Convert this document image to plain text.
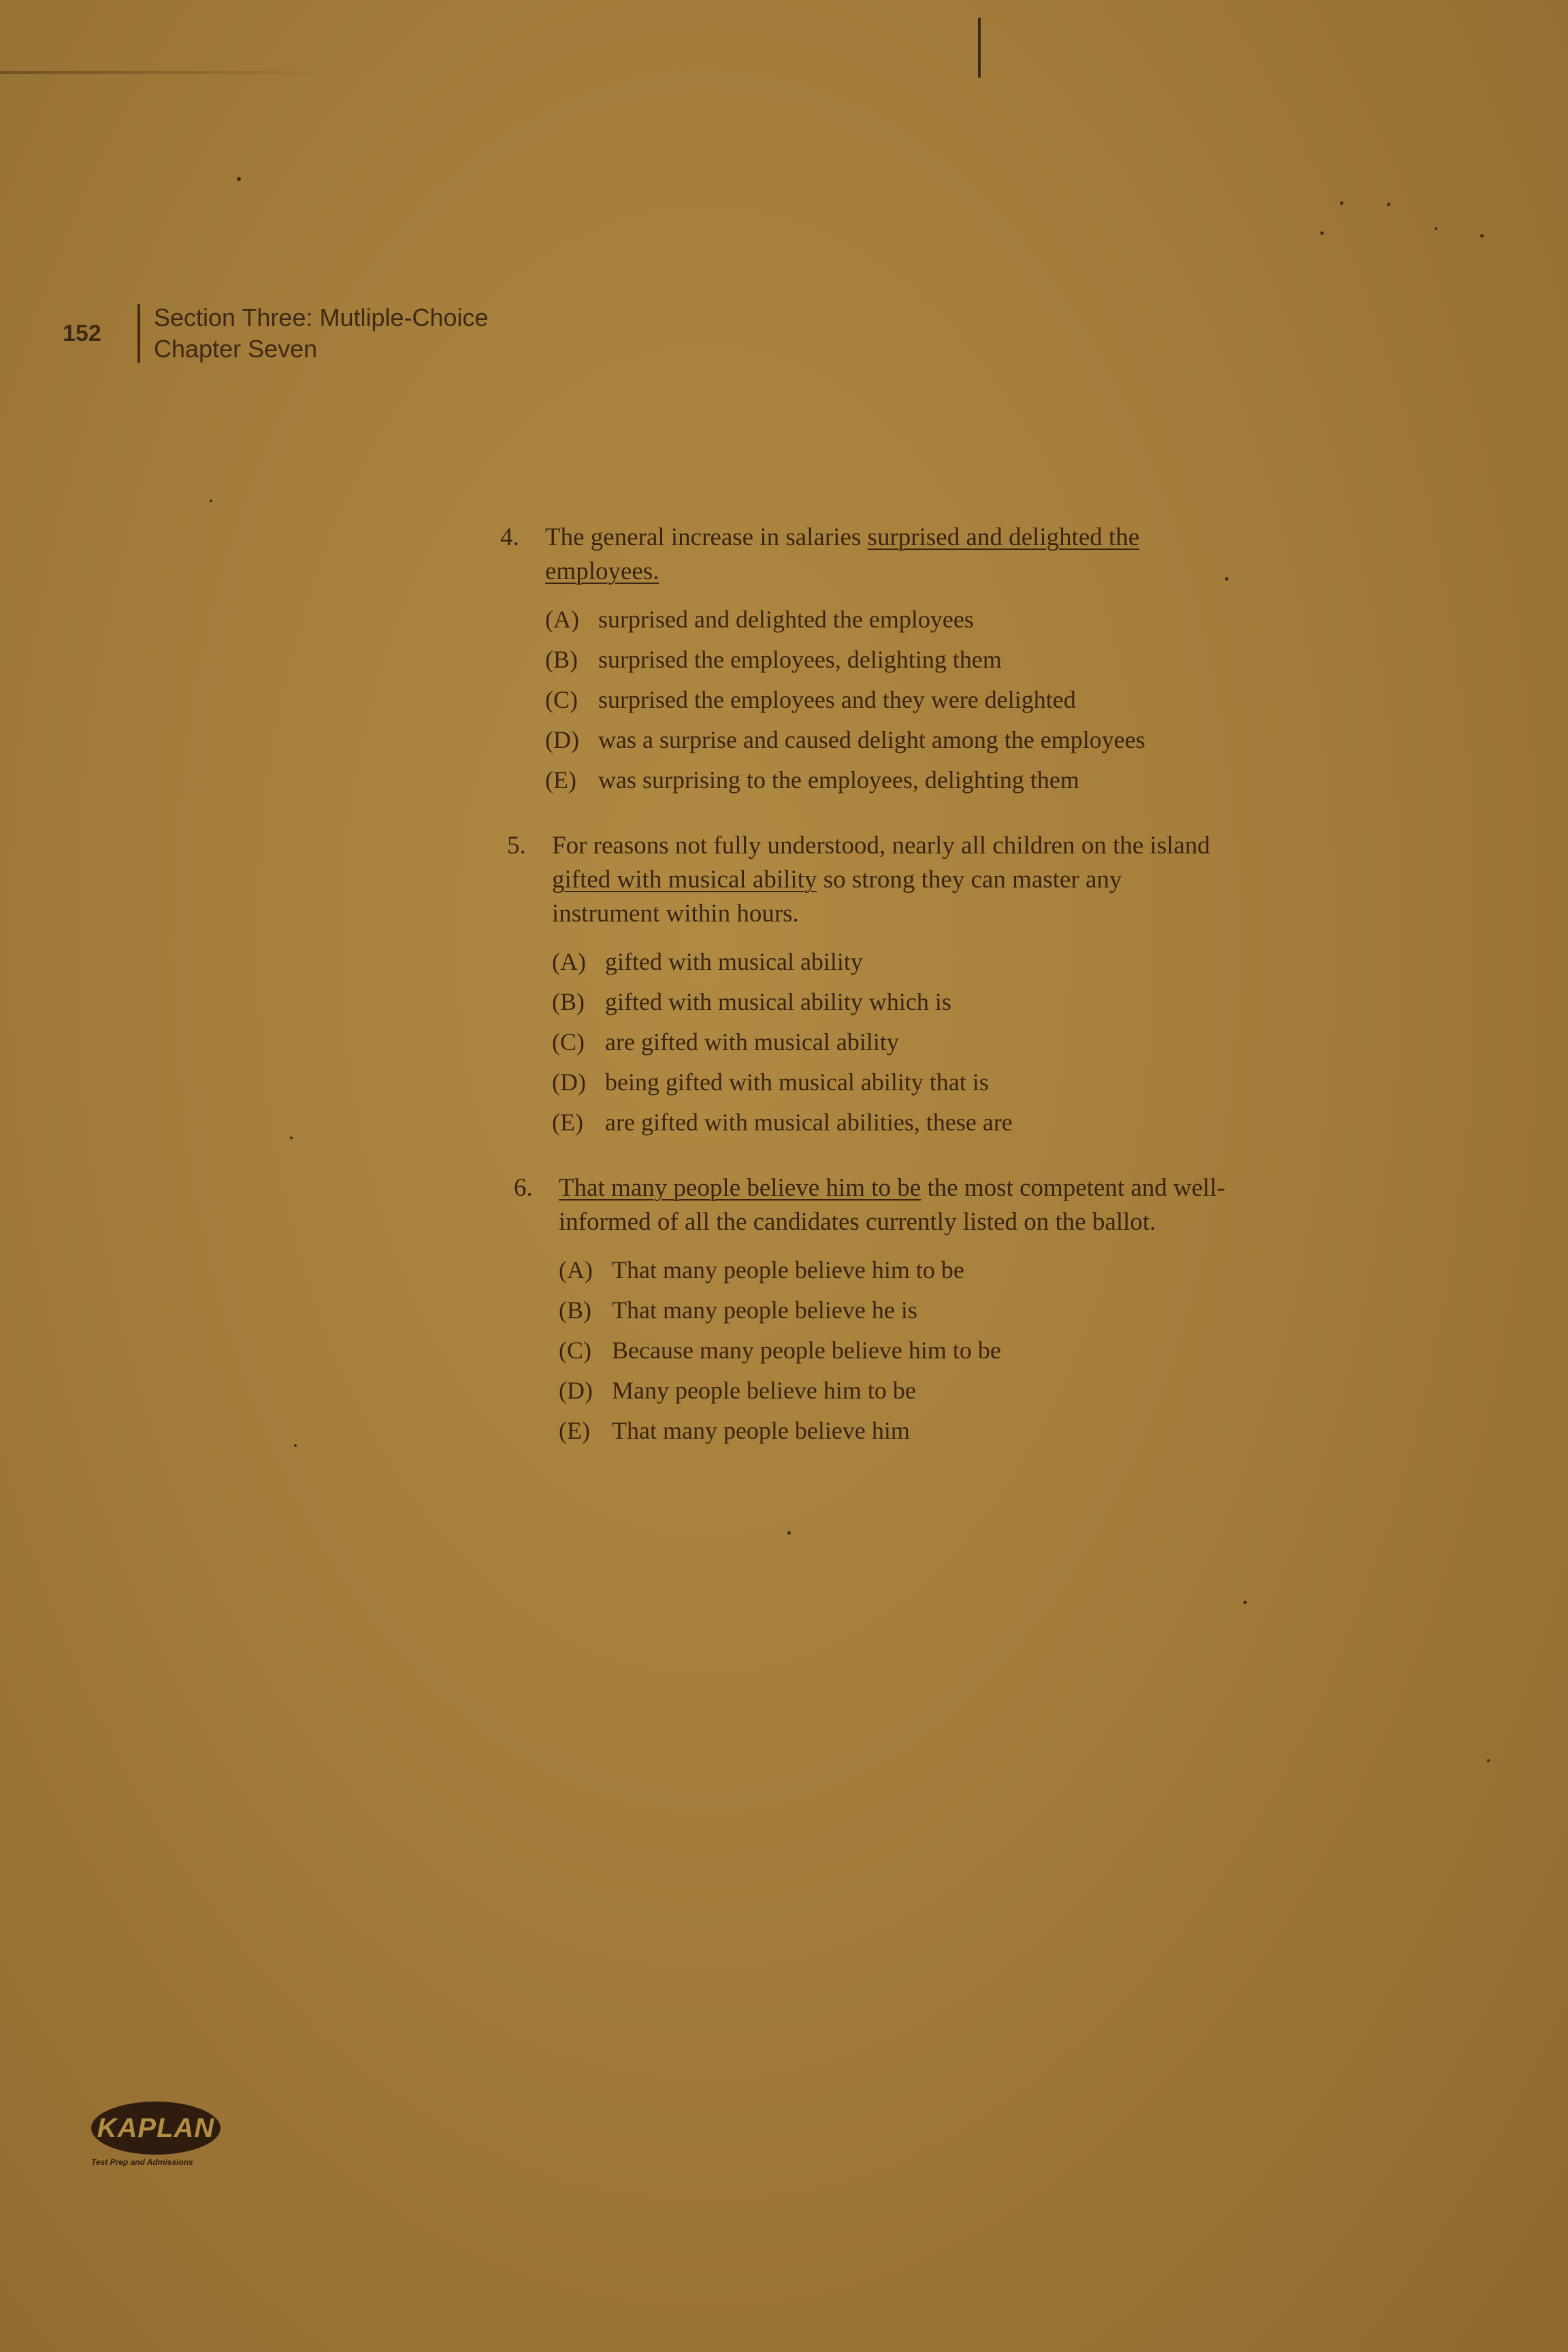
152
Section Three: Mutliple-Choice
Chapter Seven
4.	The general increase in salaries surprised and delighted the employees.
(A) surprised and delighted the employees
(B) surprised the employees, delighting them
(C) surprised the employees and they were delighted
(D) was a surprise and caused delight among the employees
(E) was surprising to the employees, delighting them
5.	For reasons not fully understood, nearly all children on the island gifted with musical ability so strong they can master any instrument within hours.
(A) gifted with musical ability
(B) gifted with musical ability which is
(C) are gifted with musical ability
(D) being gifted with musical ability that is
(E) are gifted with musical abilities, these are
6.	That many people believe him to be the most competent and well-informed of all the candidates currently listed on the ballot.
(A) That many people believe him to be
(B) That many people believe he is
(C) Because many people believe him to be
(D) Many people believe him to be
(E) That many people believe him
KAPLAN
Test Prep and Admissions
